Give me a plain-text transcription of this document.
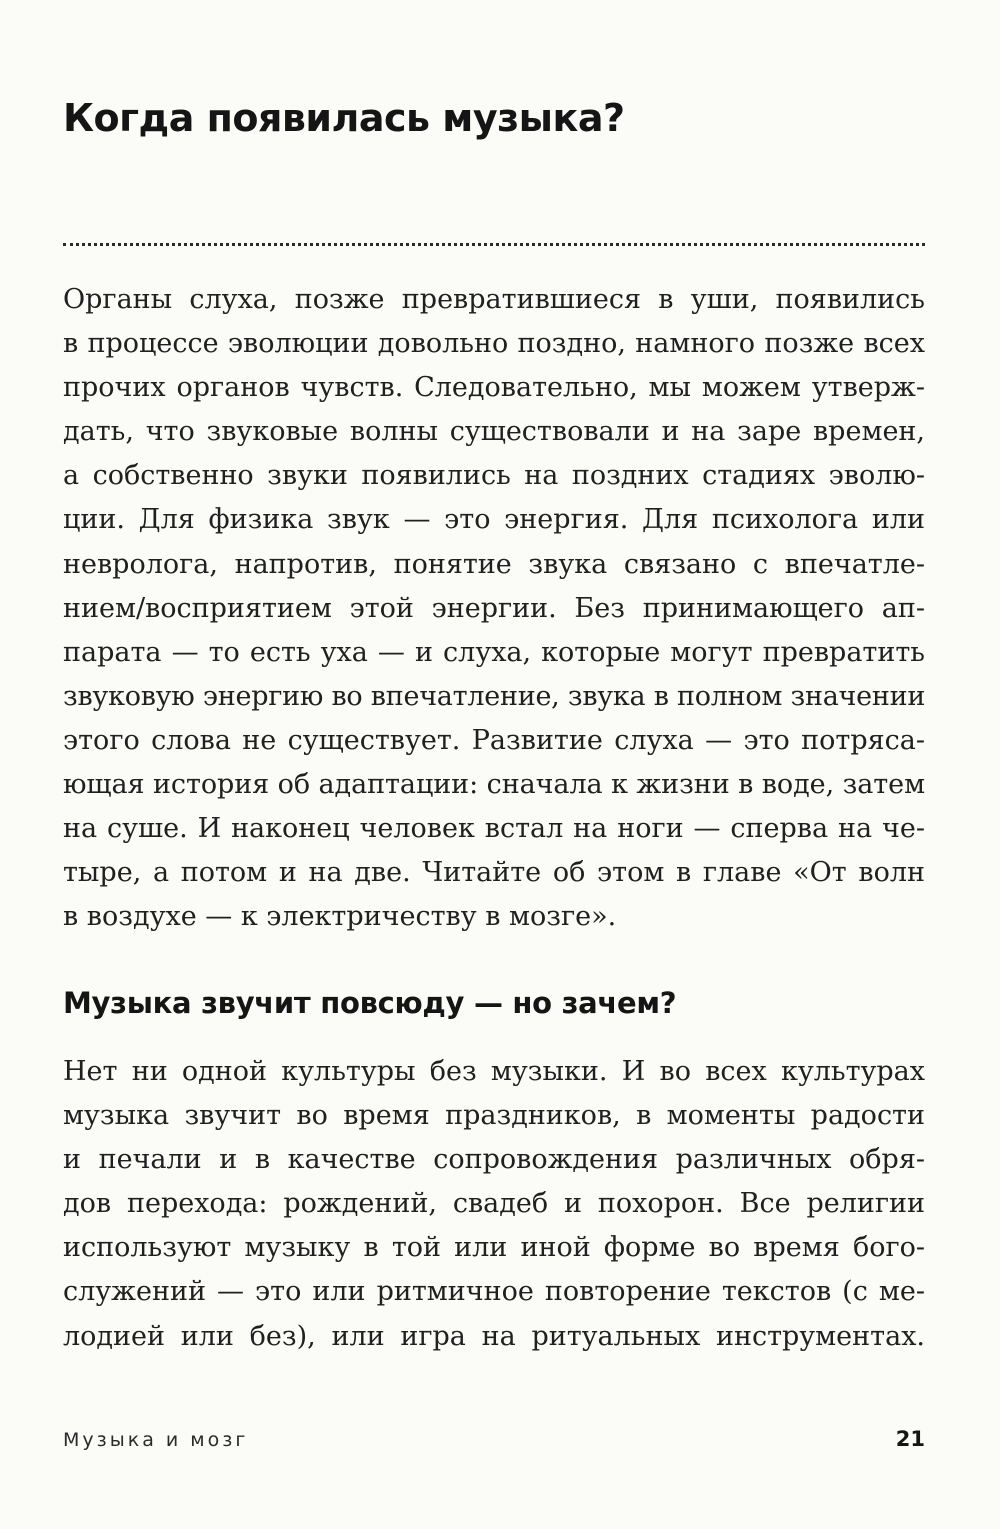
Когда появилась музыка?

Органы слуха, позже превратившиеся в уши, появились
в процессе эволюции довольно поздно, намного позже всех
прочих органов чувств. Следовательно, мы можем утверж-
дать, что звуковые волны существовали и на заре времен,
а собственно звуки появились на поздних стадиях эволю-
ции. Для физика звук — это энергия. Для психолога или
невролога, напротив, понятие звука связано с впечатле-
нием/восприятием этой энергии. Без принимающего ап-
парата — то есть уха — и слуха, которые могут превратить
звуковую энергию во впечатление, звука в полном значении
этого слова не существует. Развитие слуха — это потряса-
ющая история об адаптации: сначала к жизни в воде, затем
на суше. И наконец человек встал на ноги — сперва на че-
тыре, а потом и на две. Читайте об этом в главе «От волн
в воздухе — к электричеству в мозге».

Музыка звучит повсюду — но зачем?

Нет ни одной культуры без музыки. И во всех культурах
музыка звучит во время праздников, в моменты радости
и печали и в качестве сопровождения различных обря-
дов перехода: рождений, свадеб и похорон. Все религии
используют музыку в той или иной форме во время бого-
служений — это или ритмичное повторение текстов (с ме-
лодией или без), или игра на ритуальных инструментах.

Музыка и мозг	21
